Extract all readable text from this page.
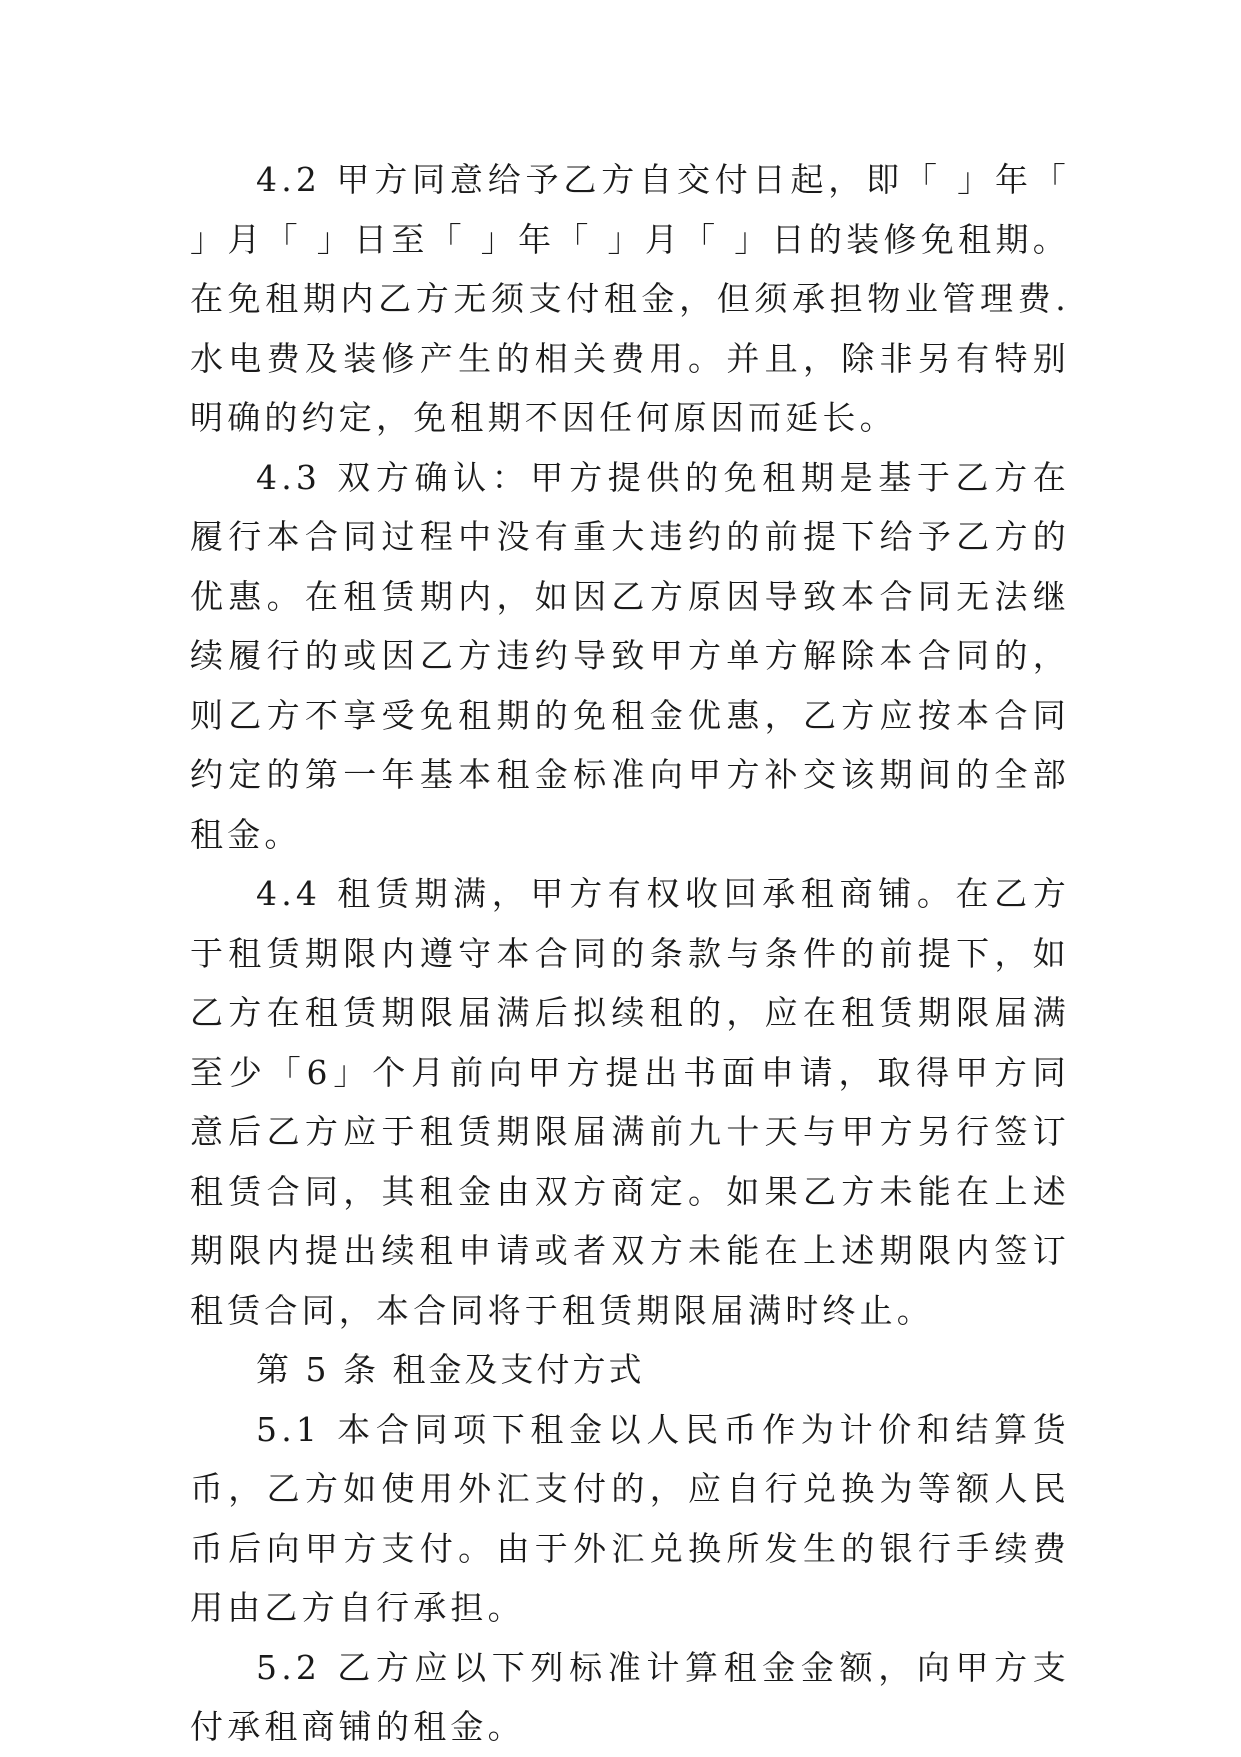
4.2 甲方同意给予乙方自交付日起，即「 」年「 」月「 」日至「 」年「 」月「 」日的装修免租期。在免租期内乙方无须支付租金，但须承担物业管理费.水电费及装修产生的相关费用。并且，除非另有特别明确的约定，免租期不因任何原因而延长。

4.3 双方确认：甲方提供的免租期是基于乙方在履行本合同过程中没有重大违约的前提下给予乙方的优惠。在租赁期内，如因乙方原因导致本合同无法继续履行的或因乙方违约导致甲方单方解除本合同的，则乙方不享受免租期的免租金优惠，乙方应按本合同约定的第一年基本租金标准向甲方补交该期间的全部租金。

4.4 租赁期满，甲方有权收回承租商铺。在乙方于租赁期限内遵守本合同的条款与条件的前提下，如乙方在租赁期限届满后拟续租的，应在租赁期限届满至少「6」个月前向甲方提出书面申请，取得甲方同意后乙方应于租赁期限届满前九十天与甲方另行签订租赁合同，其租金由双方商定。如果乙方未能在上述期限内提出续租申请或者双方未能在上述期限内签订租赁合同，本合同将于租赁期限届满时终止。

第 5 条 租金及支付方式

5.1 本合同项下租金以人民币作为计价和结算货币，乙方如使用外汇支付的，应自行兑换为等额人民币后向甲方支付。由于外汇兑换所发生的银行手续费用由乙方自行承担。

5.2 乙方应以下列标准计算租金金额，向甲方支付承租商铺的租金。
